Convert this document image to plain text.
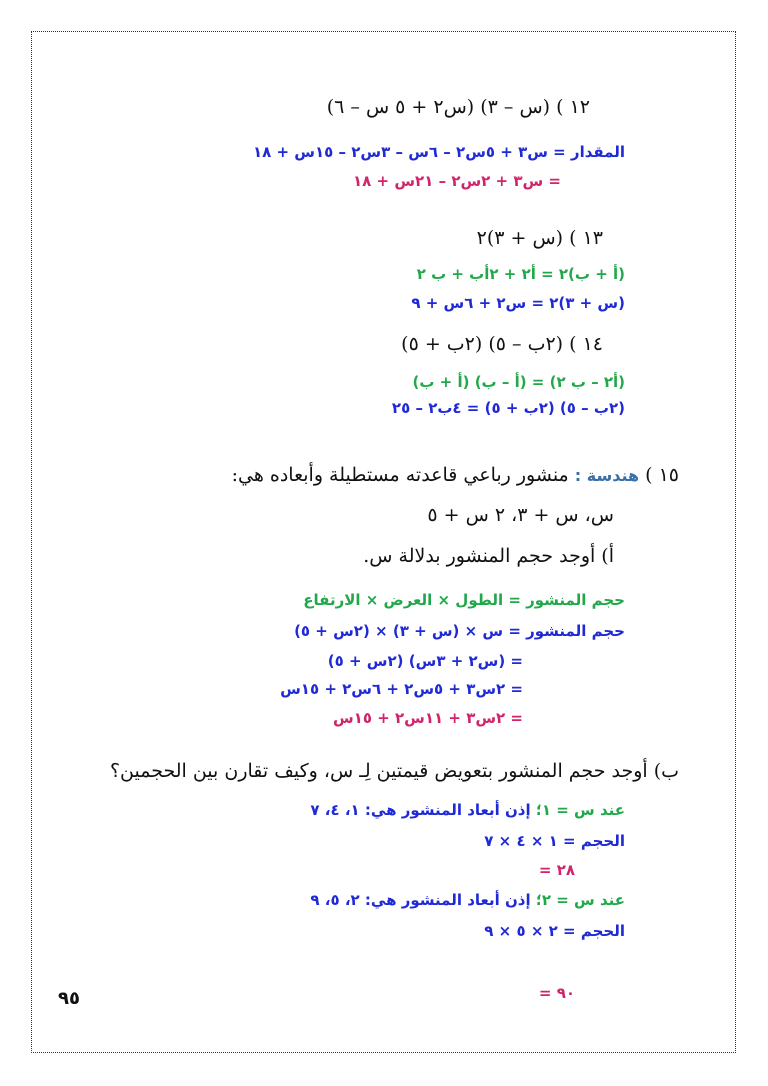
١٢ ) (س – ٣) (س٢ + ٥ س – ٦)
المقدار = س٣ + ٥س٢ – ٦س – ٣س٢ – ١٥س + ١٨
= س٣ + ٢س٢ – ٢١س + ١٨
١٣ ) (س + ٣)٢
(أ + ب)٢ = أ٢ + ٢أب + ب ٢
(س + ٣)٢ = س٢ + ٦س + ٩
١٤ ) (٢ب – ٥) (٢ب + ٥)
(أ٢ – ب ٢) = (أ – ب) (أ + ب)
(٢ب – ٥) (٢ب + ٥) = ٤ب٢ – ٢٥
١٥ ) هندسة : منشور رباعي قاعدته مستطيلة وأبعاده هي:
س، س + ٣، ٢ س + ٥
أ) أوجد حجم المنشور بدلالة س.
حجم المنشور = الطول × العرض × الارتفاع
حجم المنشور = س × (س + ٣) × (٢س + ٥)
= (س٢ + ٣س) (٢س + ٥)
= ٢س٣ + ٥س٢ + ٦س٢ + ١٥س
= ٢س٣ + ١١س٢ + ١٥س
ب) أوجد حجم المنشور بتعويض قيمتين لِـ س، وكيف تقارن بين الحجمين؟
عند س = ١؛ إذن أبعاد المنشور هي: ١، ٤، ٧
الحجم = ١ × ٤ × ٧
= ٢٨
عند س = ٢؛ إذن أبعاد المنشور هي: ٢، ٥، ٩
الحجم = ٢ × ٥ × ٩
= ٩٠
٩٥
